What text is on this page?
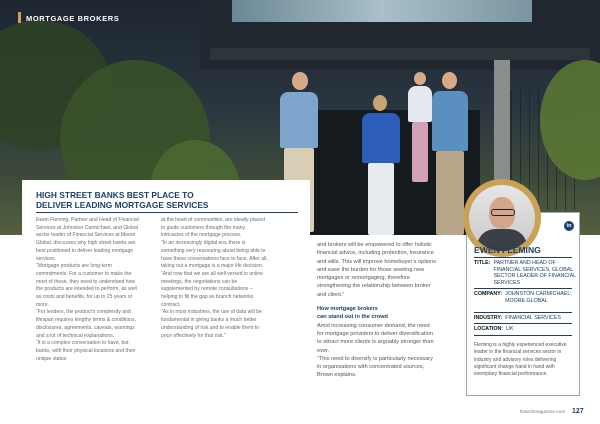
MORTGAGE BROKERS
HIGH STREET BANKS BEST PLACE TO
DELIVER LEADING MORTGAGE SERVICES

Ewen Fleming, Partner and Head of Financial Services at Johnston Carmichael, and Global sector leader of Financial Services at Moore Global, discusses why high street banks are best positioned to deliver leading mortgage services.

“Mortgage products are long-term commitments. For a customer to make the most of these, they need to understand how the products are intended to perform, as well as costs and benefits, for up to 25 years or more.

“For lenders, the product’s complexity and lifespan requires lengthy terms & conditions, disclosures, agreements, caveats, warnings and a lot of technical explanations.

“It is a complex conversation to have, but banks, with their physical locations and their unique status

at the heart of communities, are ideally placed to guide customers through the many intricacies of the mortgage process.

“In an increasingly digital era, there is something very reassuring about being able to have these conversations face to face. After all, taking out a mortgage is a major life decision.

“And now that we are all well versed in online meetings, the negotiations can be supplemented by remote consultations – helping to fill the gap as branch networks contract.

“As in most industries, the use of data will be fundamental in giving banks a much better understanding of risk and to enable them to price effectively for that risk.”

and brokers will be empowered to offer holistic financial advice, including protection, insurance and wills. This will improve homebuyer’s options and ease the burden for those seeking new mortgages or remortgaging, therefore strengthening the relationship between broker and client.”

How mortgage brokers
can stand out in the crowd

Amid increasing consumer demand, the need for mortgage providers to deliver diversification to attract more clients is arguably stronger than ever.

“This need to diversify is particularly necessary in organisations with concentrated sources, Brown explains.

in
EWEN FLEMING
TITLE: PARTNER AND HEAD OF FINANCIAL SERVICES, GLOBAL SECTOR LEADER OF FINANCIAL SERVICES
COMPANY: JOHNSTON CARMICHAEL; MOORE GLOBAL
INDUSTRY: FINANCIAL SERVICES
LOCATION: UK
Fleming is a highly experienced executive leader in the financial services sector in industry and advisory roles delivering significant change hand in hand with exemplary financial performance.
fintechmagazine.com 127
